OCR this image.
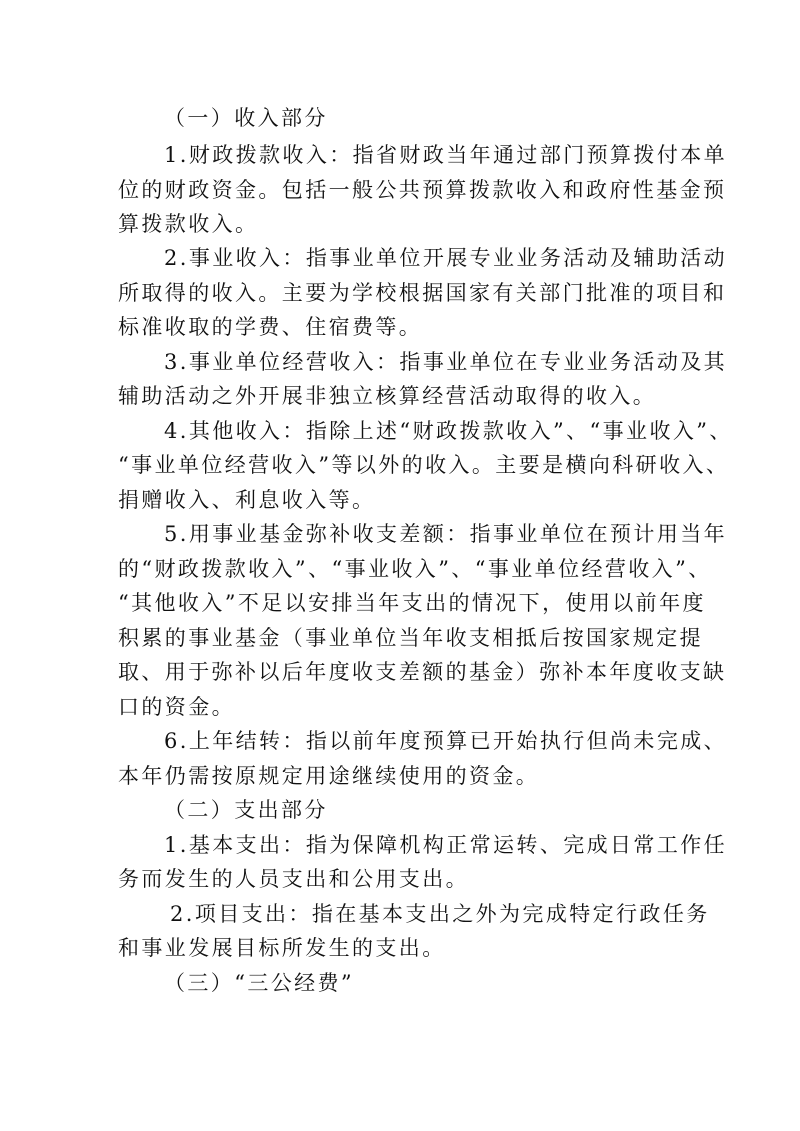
（一）收入部分
1.财政拨款收入：指省财政当年通过部门预算拨付本单
位的财政资金。包括一般公共预算拨款收入和政府性基金预
算拨款收入。
2.事业收入：指事业单位开展专业业务活动及辅助活动
所取得的收入。主要为学校根据国家有关部门批准的项目和
标准收取的学费、住宿费等。
3.事业单位经营收入：指事业单位在专业业务活动及其
辅助活动之外开展非独立核算经营活动取得的收入。
4.其他收入：指除上述“财政拨款收入”、“事业收入”、
“事业单位经营收入”等以外的收入。主要是横向科研收入、
捐赠收入、利息收入等。
5.用事业基金弥补收支差额：指事业单位在预计用当年
的“财政拨款收入”、“事业收入”、“事业单位经营收入”、
“其他收入”不足以安排当年支出的情况下，使用以前年度
积累的事业基金（事业单位当年收支相抵后按国家规定提
取、用于弥补以后年度收支差额的基金）弥补本年度收支缺
口的资金。
6.上年结转：指以前年度预算已开始执行但尚未完成、
本年仍需按原规定用途继续使用的资金。
（二）支出部分
1.基本支出：指为保障机构正常运转、完成日常工作任
务而发生的人员支出和公用支出。
2.项目支出：指在基本支出之外为完成特定行政任务
和事业发展目标所发生的支出。
（三）“三公经费”
